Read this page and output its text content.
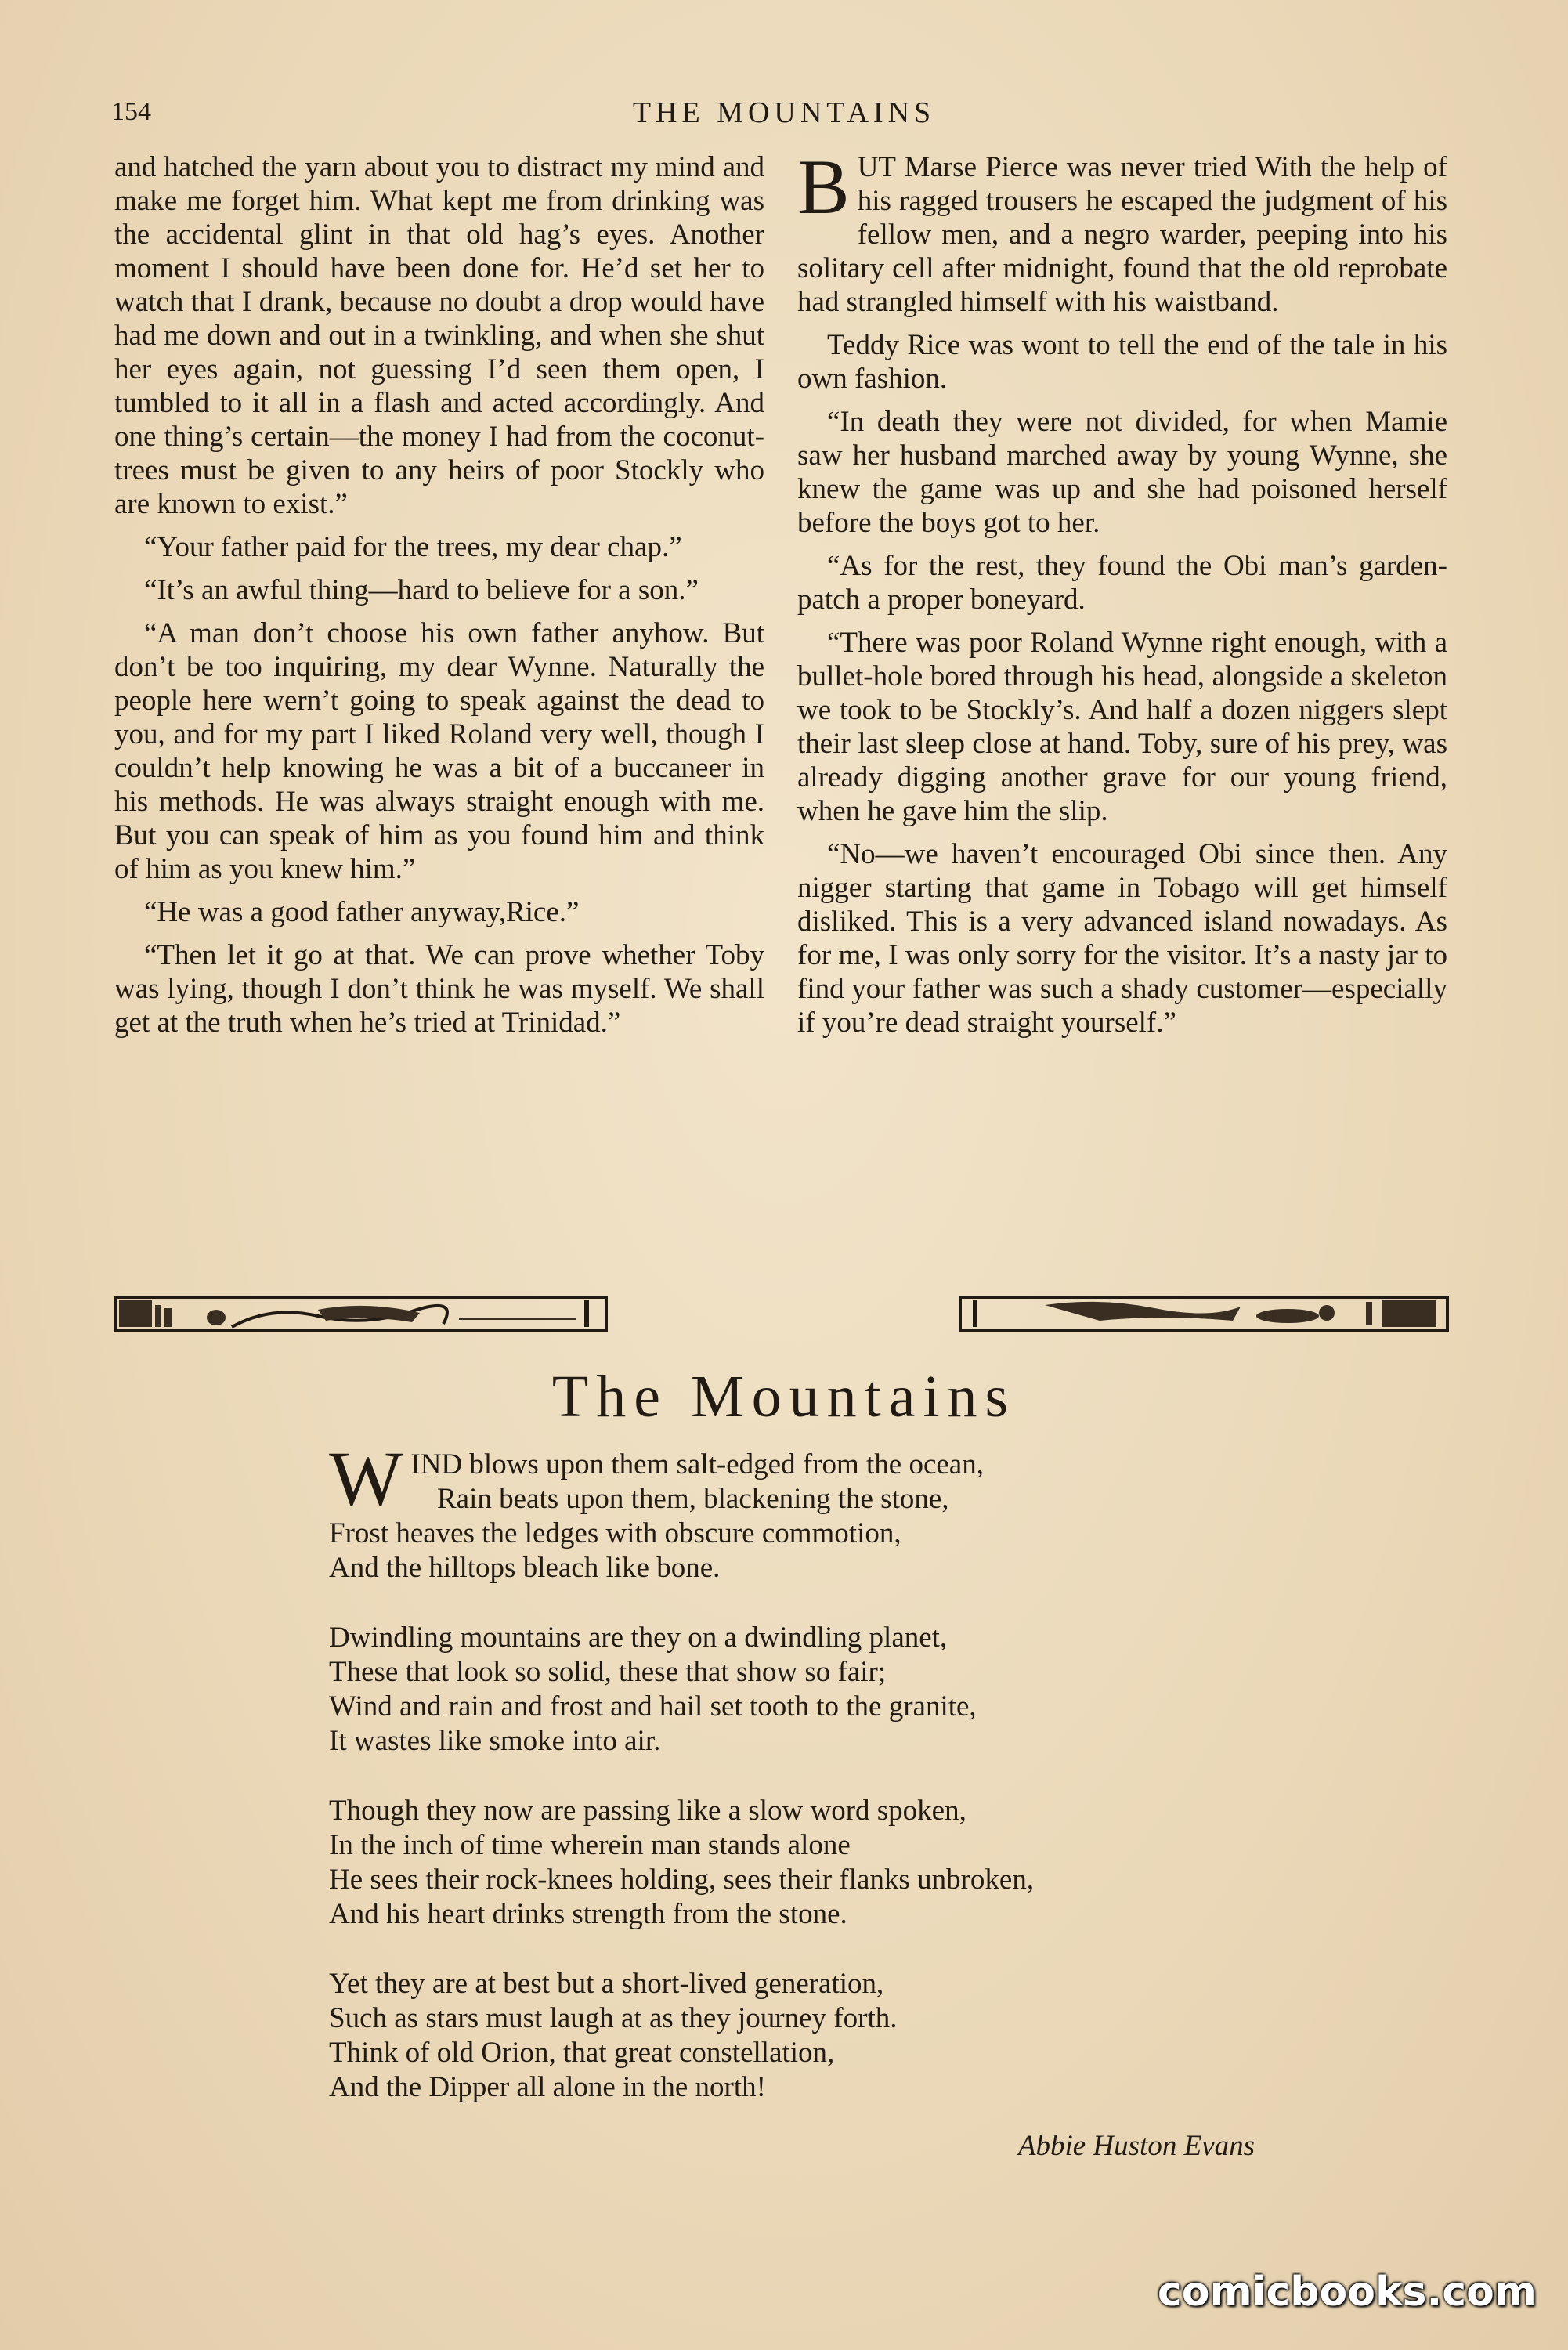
154	THE MOUNTAINS

and hatched the yarn about you to distract my mind and make me forget him. What kept me from drinking was the accidental glint in that old hag’s eyes. Another moment I should have been done for. He’d set her to watch that I drank, because no doubt a drop would have had me down and out in a twinkling, and when she shut her eyes again, not guessing I’d seen them open, I tumbled to it all in a flash and acted accordingly. And one thing’s certain—the money I had from the coconut-trees must be given to any heirs of poor Stockly who are known to exist.”

“Your father paid for the trees, my dear chap.”

“It’s an awful thing—hard to believe for a son.”

“A man don’t choose his own father anyhow. But don’t be too inquiring, my dear Wynne. Naturally the people here wern’t going to speak against the dead to you, and for my part I liked Roland very well, though I couldn’t help knowing he was a bit of a buccaneer in his methods. He was always straight enough with me. But you can speak of him as you found him and think of him as you knew him.”

“He was a good father anyway,Rice.”

“Then let it go at that. We can prove whether Toby was lying, though I don’t think he was myself. We shall get at the truth when he’s tried at Trinidad.”

BUT Marse Pierce was never tried With the help of his ragged trousers he escaped the judgment of his fellow men, and a negro warder, peeping into his solitary cell after midnight, found that the old reprobate had strangled himself with his waistband.

Teddy Rice was wont to tell the end of the tale in his own fashion.

“In death they were not divided, for when Mamie saw her husband marched away by young Wynne, she knew the game was up and she had poisoned herself before the boys got to her.

“As for the rest, they found the Obi man’s garden-patch a proper boneyard.

“There was poor Roland Wynne right enough, with a bullet-hole bored through his head, alongside a skeleton we took to be Stockly’s. And half a dozen niggers slept their last sleep close at hand. Toby, sure of his prey, was already digging another grave for our young friend, when he gave him the slip.

“No—we haven’t encouraged Obi since then. Any nigger starting that game in Tobago will get himself disliked. This is a very advanced island nowadays. As for me, I was only sorry for the visitor. It’s a nasty jar to find your father was such a shady customer—especially if you’re dead straight yourself.”

The Mountains
W IND blows upon them salt-edged from the ocean,
Rain beats upon them, blackening the stone,
Frost heaves the ledges with obscure commotion,
And the hilltops bleach like bone.
Dwindling mountains are they on a dwindling planet,
These that look so solid, these that show so fair;
Wind and rain and frost and hail set tooth to the granite,
It wastes like smoke into air.
Though they now are passing like a slow word spoken,
In the inch of time wherein man stands alone
He sees their rock-knees holding, sees their flanks unbroken,
And his heart drinks strength from the stone.
Yet they are at best but a short-lived generation,
Such as stars must laugh at as they journey forth.
Think of old Orion, that great constellation,
And the Dipper all alone in the north!
Abbie Huston Evans
comicbooks.com
